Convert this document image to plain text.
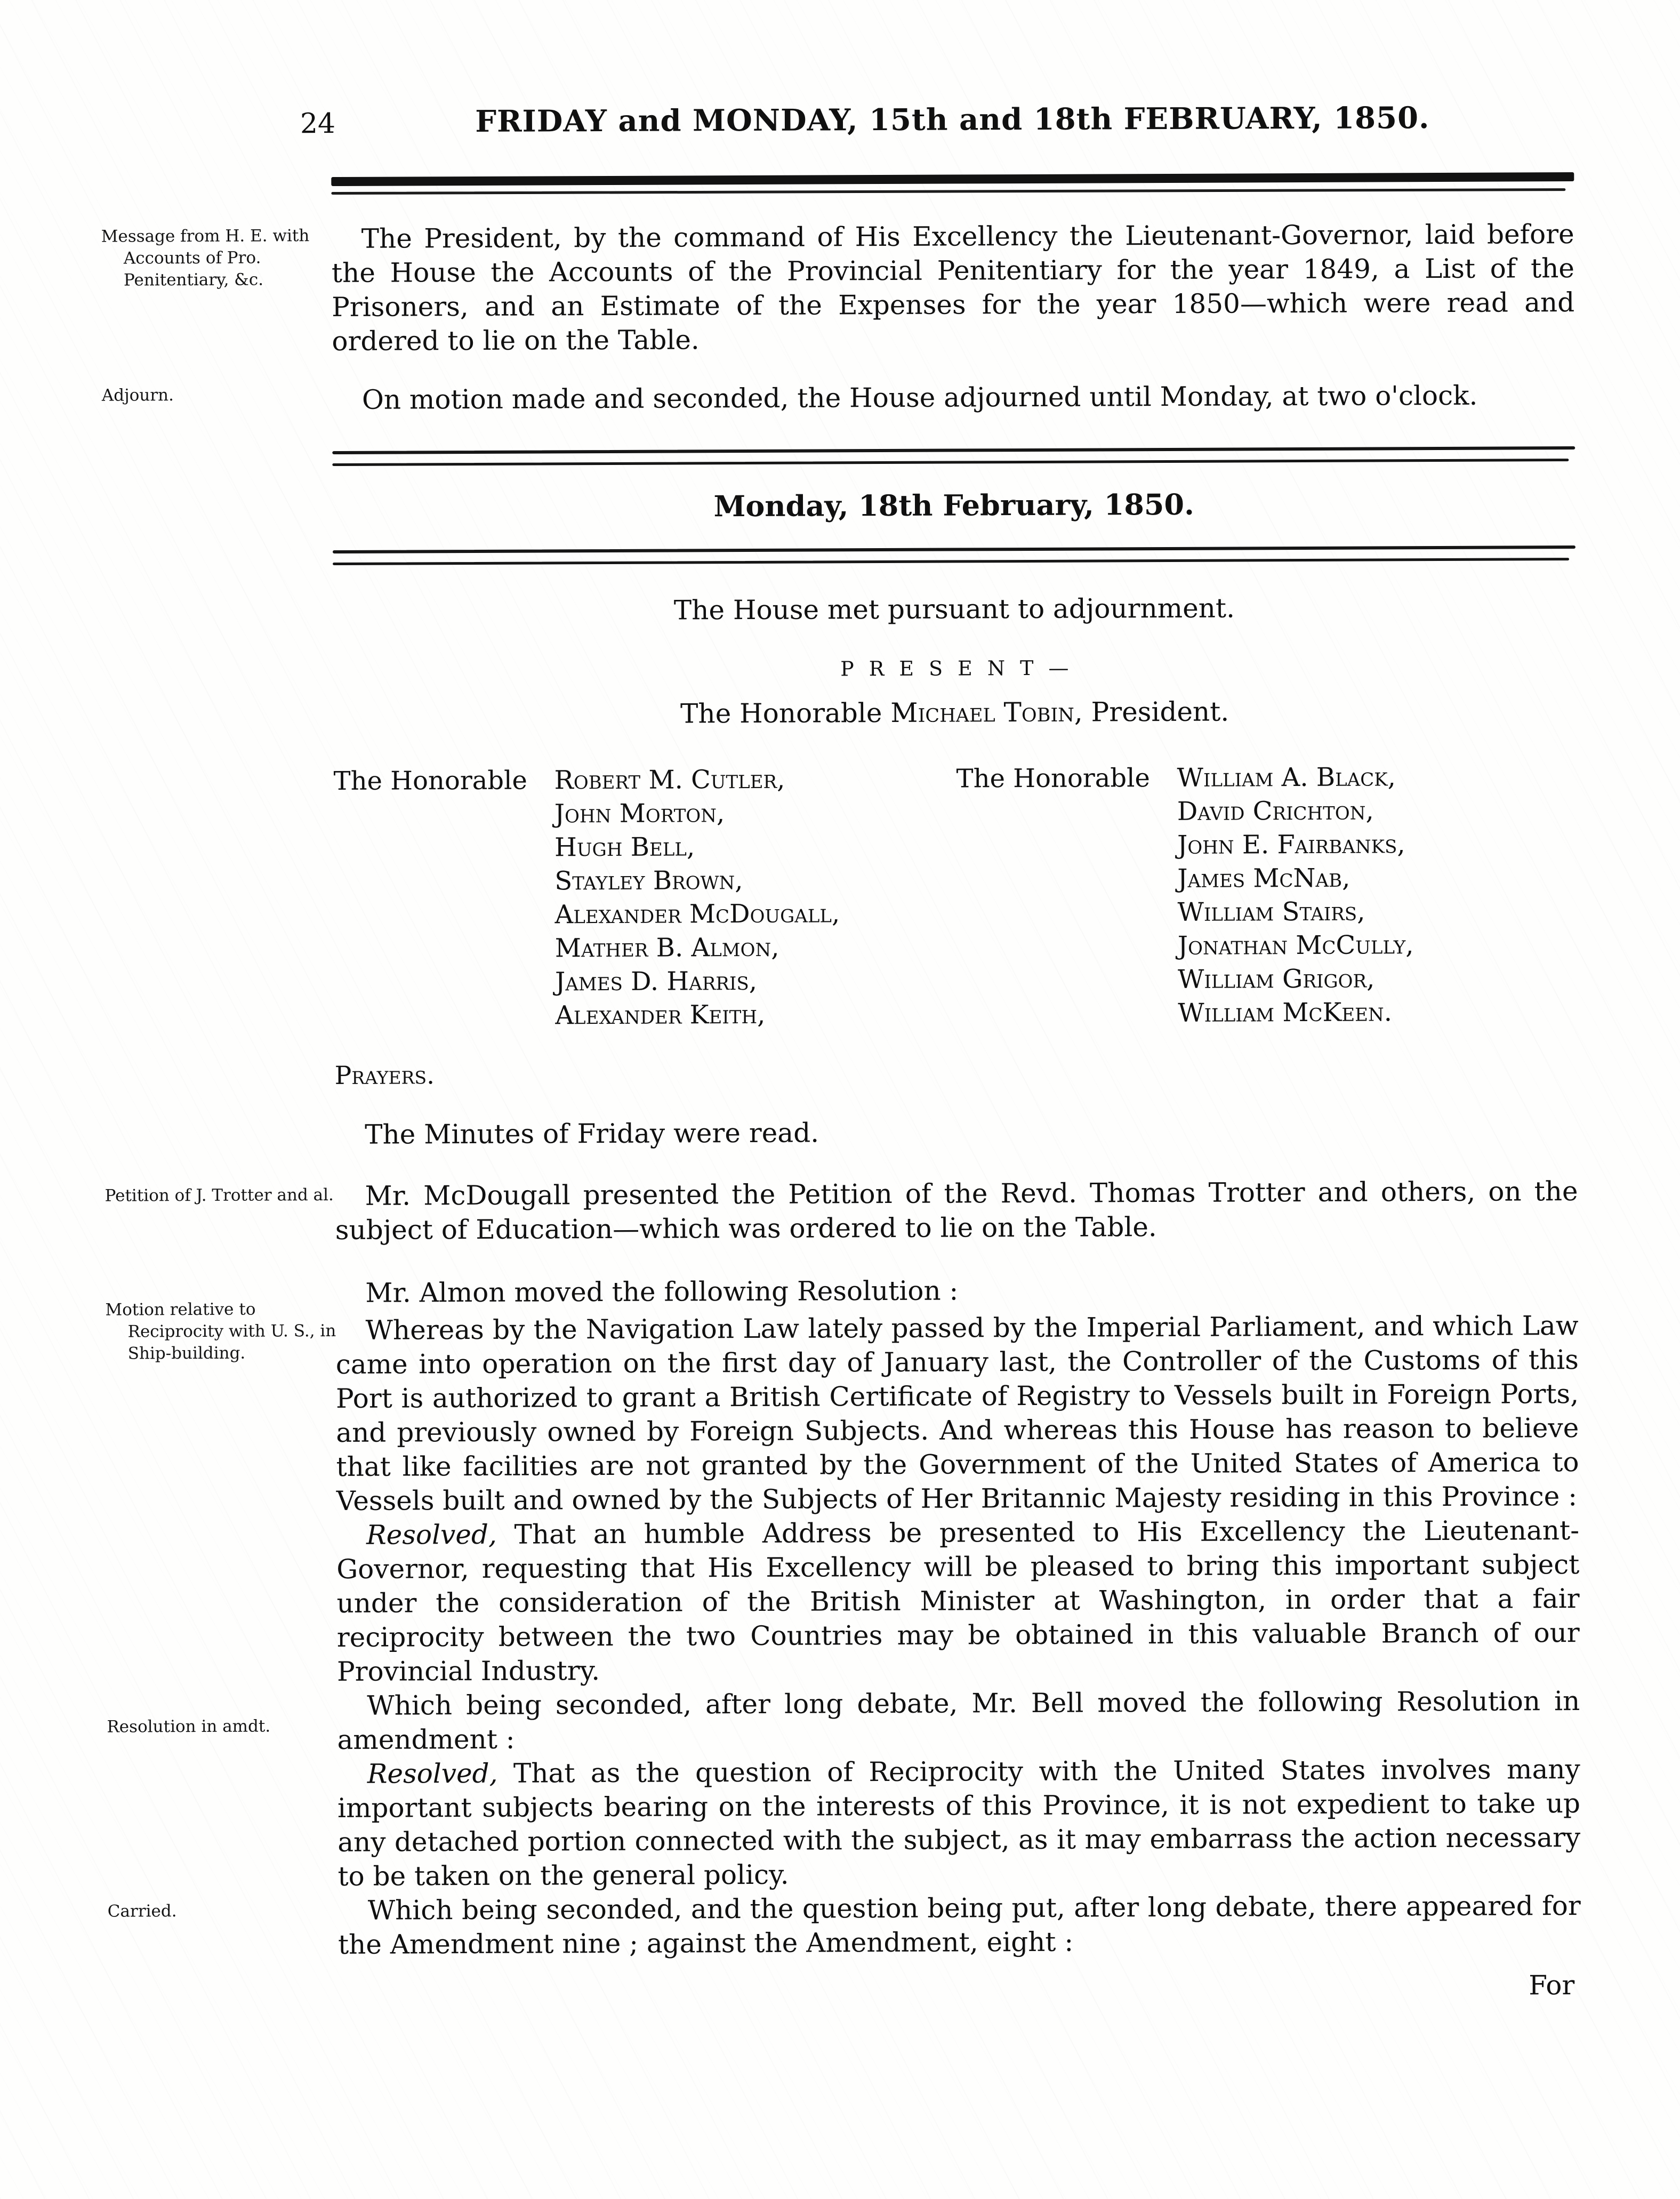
24	FRIDAY and MONDAY, 15th and 18th FEBRUARY, 1850.
Message from H. E. with Accounts of Pro. Penitentiary, &c.

The President, by the command of His Excellency the Lieutenant-Governor, laid before the House the Accounts of the Provincial Penitentiary for the year 1849, a List of the Prisoners, and an Estimate of the Expenses for the year 1850—which were read and ordered to lie on the Table.

Adjourn.	On motion made and seconded, the House adjourned until Monday, at two o'clock.

Monday, 18th February, 1850.
The House met pursuant to adjournment.
PRESENT—
The Honorable Michael Tobin, President.
The Honorable	Robert M. Cutler,
John Morton,
Hugh Bell,
Stayley Brown,
Alexander McDougall,
Mather B. Almon,
James D. Harris,
Alexander Keith,
The Honorable	William A. Black,
David Crichton,
John E. Fairbanks,
James McNab,
William Stairs,
Jonathan McCully,
William Grigor,
William McKeen.
Prayers.
The Minutes of Friday were read.
Petition of J. Trotter and al.	Mr. McDougall presented the Petition of the Revd. Thomas Trotter and others, on the subject of Education—which was ordered to lie on the Table.

Mr. Almon moved the following Resolution :

Motion relative to Reciprocity with U. S., in Ship-building.

Whereas by the Navigation Law lately passed by the Imperial Parliament, and which Law came into operation on the first day of January last, the Controller of the Customs of this Port is authorized to grant a British Certificate of Registry to Vessels built in Foreign Ports, and previously owned by Foreign Subjects. And whereas this House has reason to believe that like facilities are not granted by the Government of the United States of America to Vessels built and owned by the Subjects of Her Britannic Majesty residing in this Province :

Resolved, That an humble Address be presented to His Excellency the Lieutenant-Governor, requesting that His Excellency will be pleased to bring this important subject under the consideration of the British Minister at Washington, in order that a fair reciprocity between the two Countries may be obtained in this valuable Branch of our Provincial Industry.

Resolution in amdt.

Which being seconded, after long debate, Mr. Bell moved the following Resolution in amendment :

Resolved, That as the question of Reciprocity with the United States involves many important subjects bearing on the interests of this Province, it is not expedient to take up any detached portion connected with the subject, as it may embarrass the action necessary to be taken on the general policy.

Carried.	Which being seconded, and the question being put, after long debate, there appeared for the Amendment nine ; against the Amendment, eight :

For
